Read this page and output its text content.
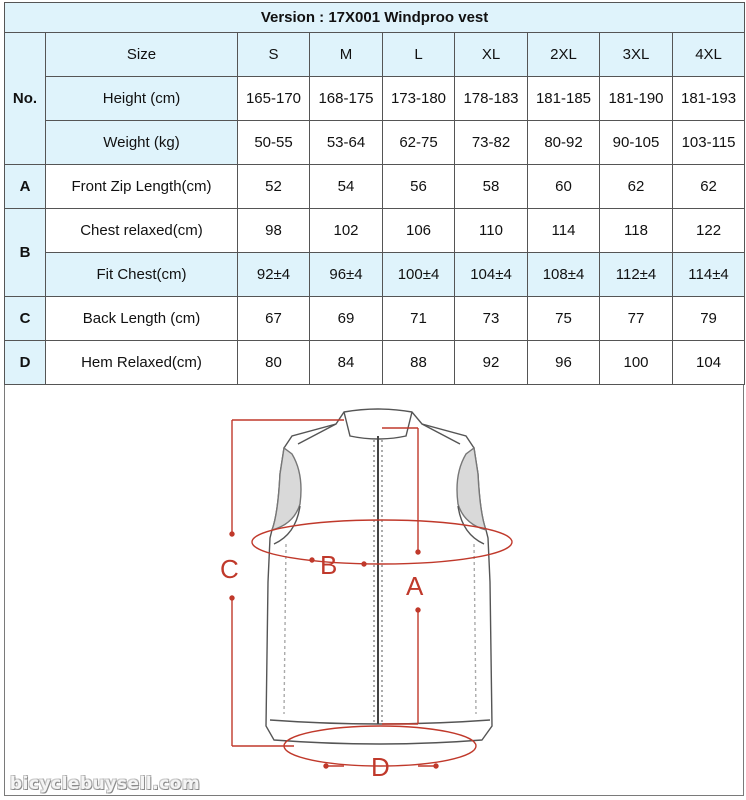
Version : 17X001 Windproo vest								
No.	Size	S	M	L	XL	2XL	3XL	4XL
	Height (cm)	165-170	168-175	173-180	178-183	181-185	181-190	181-193
	Weight (kg)	50-55	53-64	62-75	73-82	80-92	90-105	103-115
A	Front Zip Length(cm)	52	54	56	58	60	62	62
B	Chest relaxed(cm)	98	102	106	110	114	118	122
	Fit Chest(cm)	92±4	96±4	100±4	104±4	108±4	112±4	114±4
C	Back Length (cm)	67	69	71	73	75	77	79
D	Hem Relaxed(cm)	80	84	88	92	96	100	104
C	B
A
D
bicyclebuysell.com
